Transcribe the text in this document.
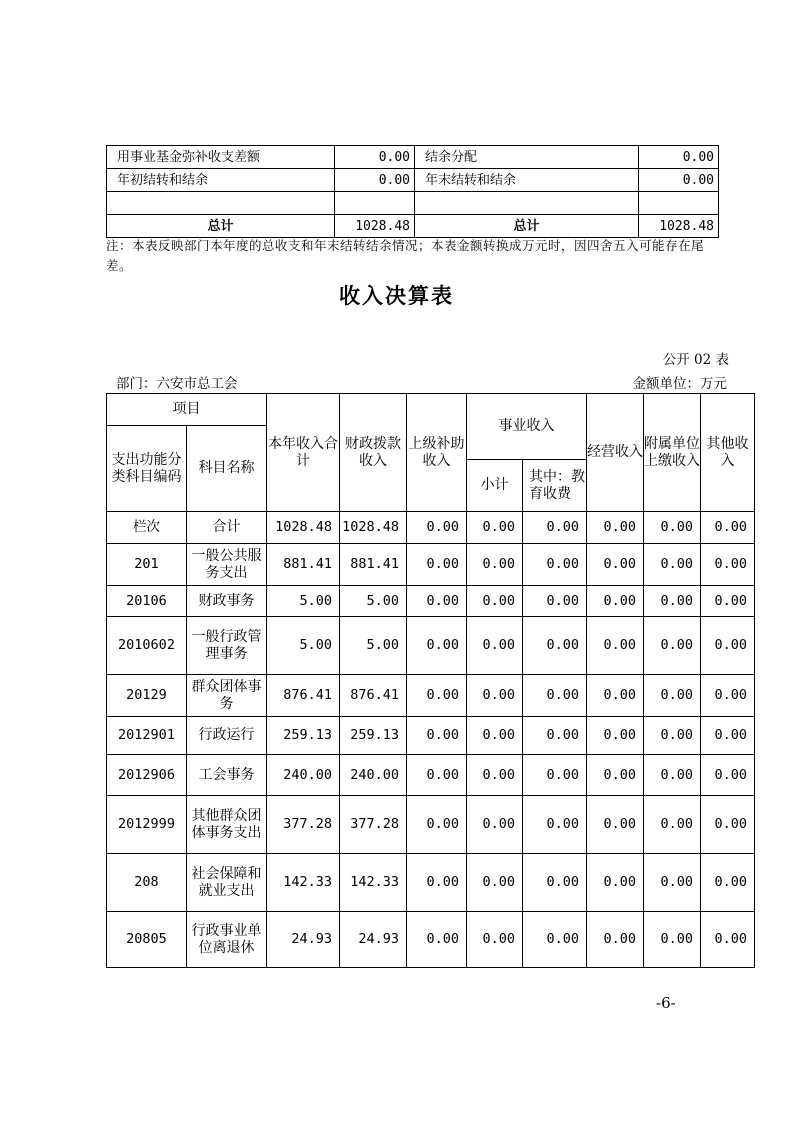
用事业基金弥补收支差额	0.00	结余分配	0.00
年初结转和结余	0.00	年末结转和结余	0.00

总计	1028.48	总计	1028.48
注：本表反映部门本年度的总收支和年末结转结余情况；本表金额转换成万元时，因四舍五入可能存在尾差。
收入决算表
公开 02 表
部门：六安市总工会	金额单位：万元
项目		本年收入合计	财政拨款收入	上级补助收入	事业收入		经营收入	附属单位上缴收入	其他收入
支出功能分类科目编码	科目名称								
					小计	其中：教育收费			
栏次	合计	1028.48	1028.48	0.00	0.00	0.00	0.00	0.00	0.00
201	一般公共服务支出	881.41	881.41	0.00	0.00	0.00	0.00	0.00	0.00
20106	财政事务	5.00	5.00	0.00	0.00	0.00	0.00	0.00	0.00
2010602	一般行政管理事务	5.00	5.00	0.00	0.00	0.00	0.00	0.00	0.00
20129	群众团体事务	876.41	876.41	0.00	0.00	0.00	0.00	0.00	0.00
2012901	行政运行	259.13	259.13	0.00	0.00	0.00	0.00	0.00	0.00
2012906	工会事务	240.00	240.00	0.00	0.00	0.00	0.00	0.00	0.00
2012999	其他群众团体事务支出	377.28	377.28	0.00	0.00	0.00	0.00	0.00	0.00
208	社会保障和就业支出	142.33	142.33	0.00	0.00	0.00	0.00	0.00	0.00
20805	行政事业单位离退休	24.93	24.93	0.00	0.00	0.00	0.00	0.00	0.00
-6-
